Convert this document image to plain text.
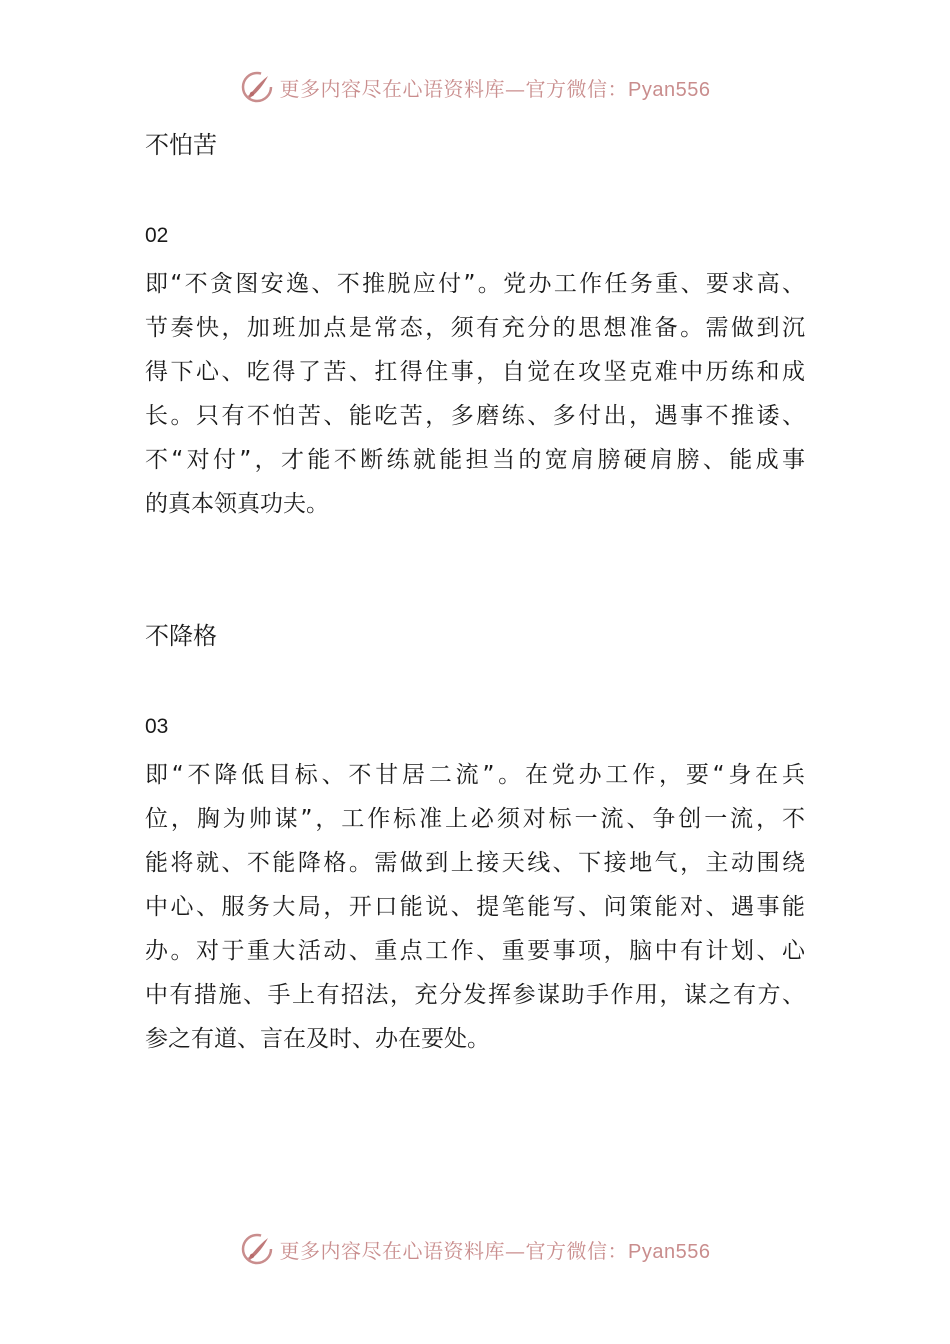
更多内容尽在心语资料库—官方微信：Pyan556
不怕苦
02
即“不贪图安逸、不推脱应付”。党办工作任务重、要求高、
节奏快，加班加点是常态，须有充分的思想准备。需做到沉
得下心、吃得了苦、扛得住事，自觉在攻坚克难中历练和成
长。只有不怕苦、能吃苦，多磨练、多付出，遇事不推诿、
不“对付”，才能不断练就能担当的宽肩膀硬肩膀、能成事
的真本领真功夫。
不降格
03
即“不降低目标、不甘居二流”。在党办工作，要“身在兵
位，胸为帅谋”，工作标准上必须对标一流、争创一流，不
能将就、不能降格。需做到上接天线、下接地气，主动围绕
中心、服务大局，开口能说、提笔能写、问策能对、遇事能
办。对于重大活动、重点工作、重要事项，脑中有计划、心
中有措施、手上有招法，充分发挥参谋助手作用，谋之有方、
参之有道、言在及时、办在要处。
更多内容尽在心语资料库—官方微信：Pyan556
